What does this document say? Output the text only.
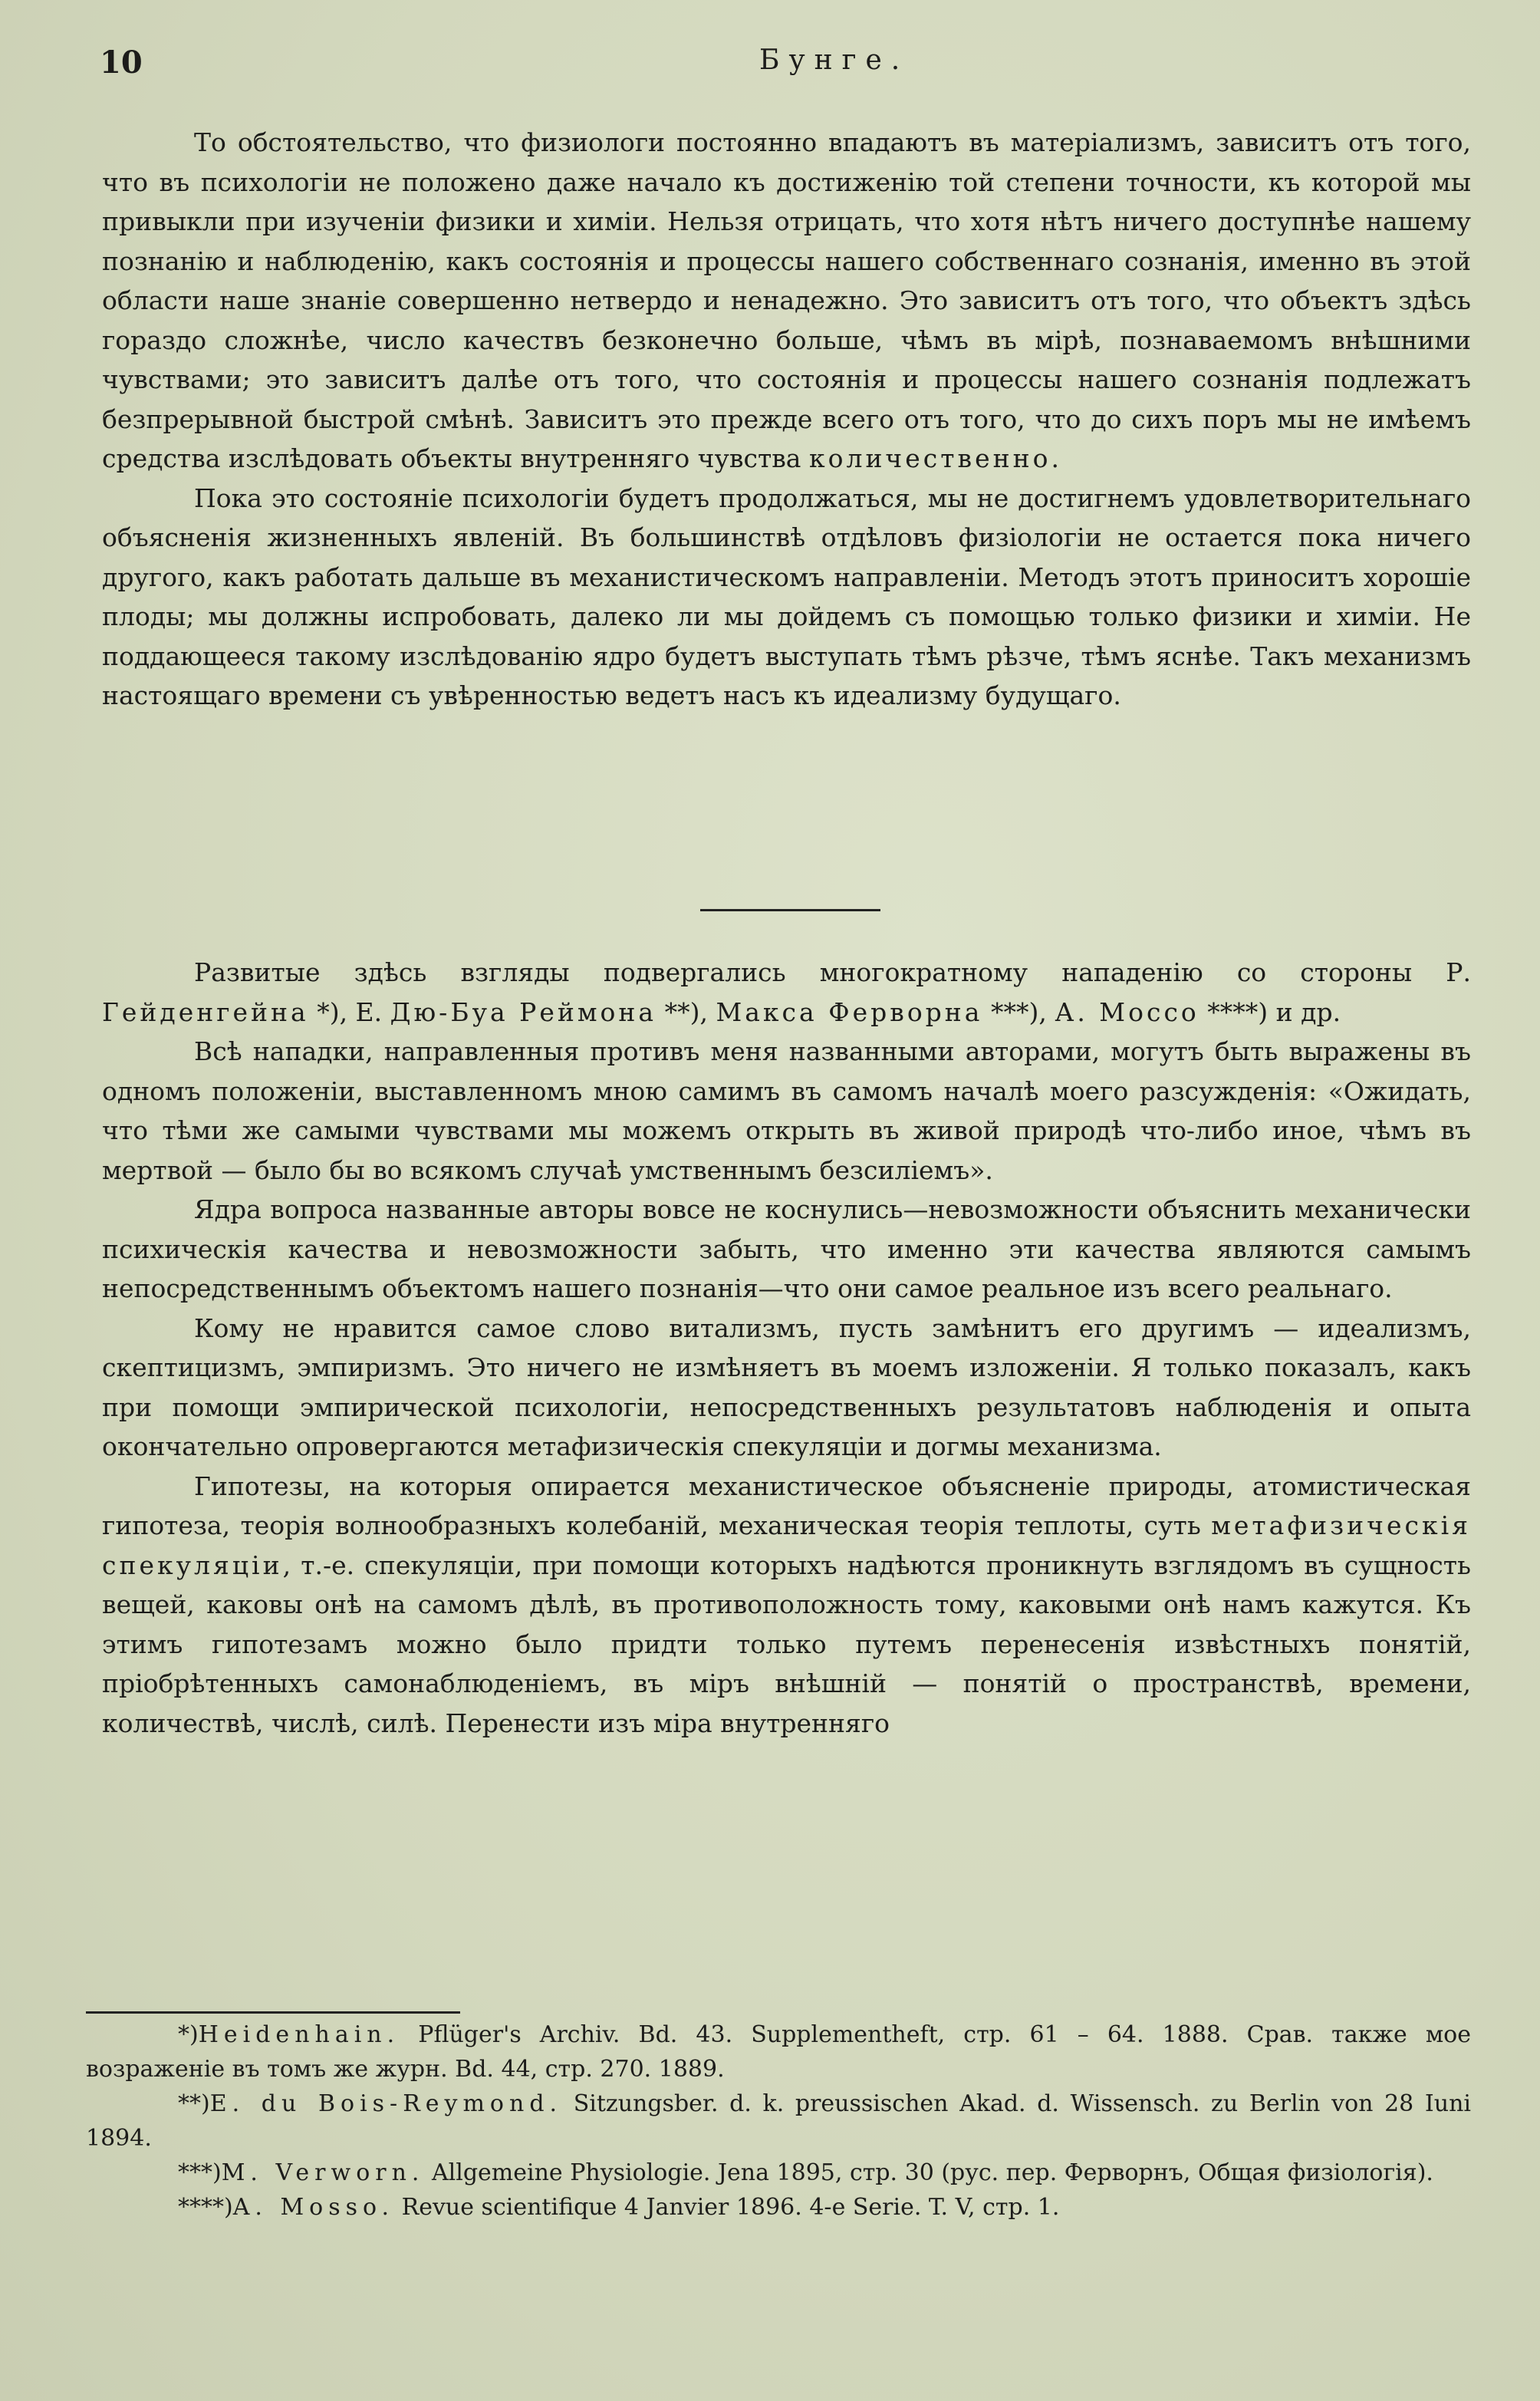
10	Бунге.

То обстоятельство, что физиологи постоянно впадаютъ въ матеріализмъ, зависитъ отъ того, что въ психологіи не положено даже начало къ достиженію той степени точности, къ которой мы привыкли при изученіи физики и химіи. Нельзя отрицать, что хотя нѣтъ ничего доступнѣе нашему познанію и наблюденію, какъ состоянія и процессы нашего собственнаго сознанія, именно въ этой области наше знаніе совершенно нетвердо и ненадежно. Это зависитъ отъ того, что объектъ здѣсь гораздо сложнѣе, число качествъ безконечно больше, чѣмъ въ мірѣ, познаваемомъ внѣшними чувствами; это зависитъ далѣе отъ того, что состоянія и процессы нашего сознанія подлежатъ безпрерывной быстрой смѣнѣ. Зависитъ это прежде всего отъ того, что до сихъ поръ мы не имѣемъ средства изслѣдовать объекты внутренняго чувства количественно.

Пока это состояніе психологіи будетъ продолжаться, мы не достигнемъ удовлетворительнаго объясненія жизненныхъ явленій. Въ большинствѣ отдѣловъ физіологіи не остается пока ничего другого, какъ работать дальше въ механистическомъ направленіи. Методъ этотъ приноситъ хорошіе плоды; мы должны испробовать, далеко ли мы дойдемъ съ помощью только физики и химіи. Не поддающееся такому изслѣдованію ядро будетъ выступать тѣмъ рѣзче, тѣмъ яснѣе. Такъ механизмъ настоящаго времени съ увѣренностью ведетъ насъ къ идеализму будущаго.

Развитые здѣсь взгляды подвергались многократному нападенію со стороны Р. Гейденгейна *), Е. Дю-Буа Реймона **), Макса Ферворна ***), А. Моссо ****) и др.

Всѣ нападки, направленныя противъ меня названными авторами, могутъ быть выражены въ одномъ положеніи, выставленномъ мною самимъ въ самомъ началѣ моего разсужденія: «Ожидать, что тѣми же самыми чувствами мы можемъ открыть въ живой природѣ что-либо иное, чѣмъ въ мертвой — было бы во всякомъ случаѣ умственнымъ безсиліемъ».

Ядра вопроса названные авторы вовсе не коснулись—невозможности объяснить механически психическія качества и невозможности забыть, что именно эти качества являются самымъ непосредственнымъ объектомъ нашего познанія—что они самое реальное изъ всего реальнаго.

Кому не нравится самое слово витализмъ, пусть замѣнитъ его другимъ — идеализмъ, скептицизмъ, эмпиризмъ. Это ничего не измѣняетъ въ моемъ изложеніи. Я только показалъ, какъ при помощи эмпирической психологіи, непосредственныхъ результатовъ наблюденія и опыта окончательно опровергаются метафизическія спекуляціи и догмы механизма.

Гипотезы, на которыя опирается механистическое объясненіе природы, атомистическая гипотеза, теорія волнообразныхъ колебаній, механическая теорія теплоты, суть метафизическія спекуляціи, т.-е. спекуляціи, при помощи которыхъ надѣются проникнуть взглядомъ въ сущность вещей, каковы онѣ на самомъ дѣлѣ, въ противоположность тому, каковыми онѣ намъ кажутся. Къ этимъ гипотезамъ можно было придти только путемъ перенесенія извѣстныхъ понятій, пріобрѣтенныхъ самонаблюденіемъ, въ міръ внѣшній — понятій о пространствѣ, времени, количествѣ, числѣ, силѣ. Перенести изъ міра внутренняго

*)Heidenhain. Pflüger's Archiv. Bd. 43. Supplementheft, стр. 61 – 64. 1888. Срав. также мое возраженіе въ томъ же журн. Bd. 44, стр. 270. 1889.

**)E. du Bois-Reymond. Sitzungsber. d. k. preussischen Akad. d. Wissensch. zu Berlin von 28 Iuni 1894.

***)M. Verworn. Allgemeine Physiologie. Jena 1895, стр. 30 (рус. пер. Ферворнъ, Общая физіологія).

****)A. Mosso. Revue scientifique 4 Janvier 1896. 4-e Serie. T. V, стр. 1.
